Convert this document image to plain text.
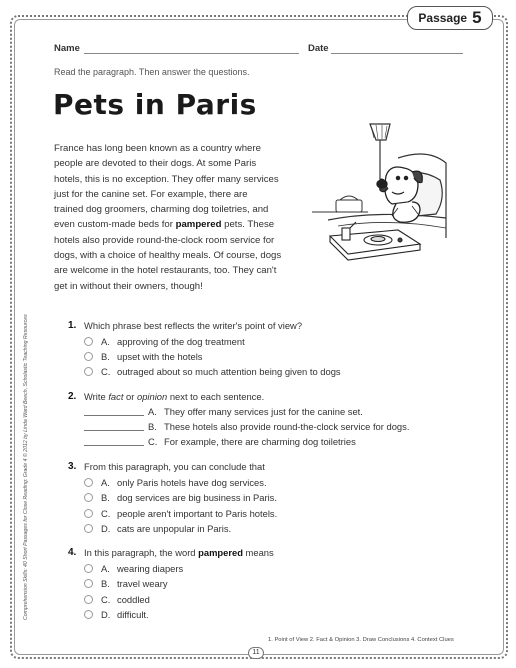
Passage 5
Name	Date
Read the paragraph. Then answer the questions.
Pets in Paris
France has long been known as a country where
people are devoted to their dogs. At some Paris
hotels, this is no exception. They offer many services
just for the canine set. For example, there are
trained dog groomers, charming dog toiletries, and
even custom-made beds for pampered pets. These
hotels also provide round-the-clock room service for
dogs, with a choice of healthy meals. Of course, dogs
are welcome in the hotel restaurants, too. They can't
get in without their owners, though!
Comprehension Skills: 40 Short Passages for Close Reading: Grade 4 © 2012 by Linda Ward Beech, Scholastic Teaching Resources	1. Which phrase best reflects the writer's point of view?
A. approving of the dog treatment
B. upset with the hotels
C. outraged about so much attention being given to dogs
2. Write fact or opinion next to each sentence.
A. They offer many services just for the canine set.
B. These hotels also provide round-the-clock service for dogs.
C. For example, there are charming dog toiletries
3. From this paragraph, you can conclude that
A. only Paris hotels have dog services.
B. dog services are big business in Paris.
C. people aren't important to Paris hotels.
D. cats are unpopular in Paris.
4. In this paragraph, the word pampered means
A. wearing diapers
B. travel weary
C. coddled
D. difficult.
1. Point of View 2. Fact & Opinion 3. Draw Conclusions 4. Context Clues
11
